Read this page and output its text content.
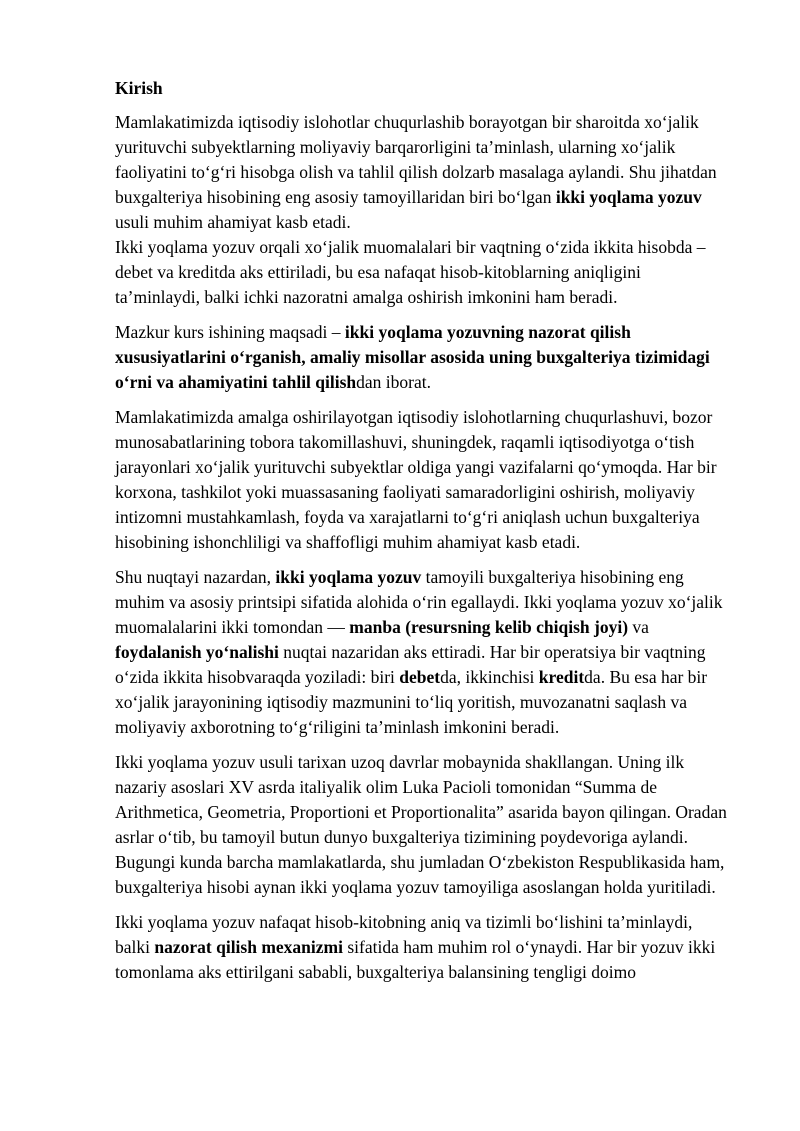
Kirish

Mamlakatimizda iqtisodiy islohotlar chuqurlashib borayotgan bir sharoitda xo‘jalik yurituvchi subyektlarning moliyaviy barqarorligini ta’minlash, ularning xo‘jalik faoliyatini to‘g‘ri hisobga olish va tahlil qilish dolzarb masalaga aylandi. Shu jihatdan buxgalteriya hisobining eng asosiy tamoyillaridan biri bo‘lgan ikki yoqlama yozuv usuli muhim ahamiyat kasb etadi.
Ikki yoqlama yozuv orqali xo‘jalik muomalalari bir vaqtning o‘zida ikkita hisobda – debet va kreditda aks ettiriladi, bu esa nafaqat hisob-kitoblarning aniqligini ta’minlaydi, balki ichki nazoratni amalga oshirish imkonini ham beradi.

Mazkur kurs ishining maqsadi – ikki yoqlama yozuvning nazorat qilish xususiyatlarini o‘rganish, amaliy misollar asosida uning buxgalteriya tizimidagi o‘rni va ahamiyatini tahlil qilishdan iborat.

Mamlakatimizda amalga oshirilayotgan iqtisodiy islohotlarning chuqurlashuvi, bozor munosabatlarining tobora takomillashuvi, shuningdek, raqamli iqtisodiyotga o‘tish jarayonlari xo‘jalik yurituvchi subyektlar oldiga yangi vazifalarni qo‘ymoqda. Har bir korxona, tashkilot yoki muassasaning faoliyati samaradorligini oshirish, moliyaviy intizomni mustahkamlash, foyda va xarajatlarni to‘g‘ri aniqlash uchun buxgalteriya hisobining ishonchliligi va shaffofligi muhim ahamiyat kasb etadi.

Shu nuqtayi nazardan, ikki yoqlama yozuv tamoyili buxgalteriya hisobining eng muhim va asosiy printsipi sifatida alohida o‘rin egallaydi. Ikki yoqlama yozuv xo‘jalik muomalalarini ikki tomondan — manba (resursning kelib chiqish joyi) va foydalanish yo‘nalishi nuqtai nazaridan aks ettiradi. Har bir operatsiya bir vaqtning o‘zida ikkita hisobvaraqda yoziladi: biri debetda, ikkinchisi kreditda. Bu esa har bir xo‘jalik jarayonining iqtisodiy mazmunini to‘liq yoritish, muvozanatni saqlash va moliyaviy axborotning to‘g‘riligini ta’minlash imkonini beradi.

Ikki yoqlama yozuv usuli tarixan uzoq davrlar mobaynida shakllangan. Uning ilk nazariy asoslari XV asrda italiyalik olim Luka Pacioli tomonidan “Summa de Arithmetica, Geometria, Proportioni et Proportionalita” asarida bayon qilingan. Oradan asrlar o‘tib, bu tamoyil butun dunyo buxgalteriya tizimining poydevoriga aylandi. Bugungi kunda barcha mamlakatlarda, shu jumladan O‘zbekiston Respublikasida ham, buxgalteriya hisobi aynan ikki yoqlama yozuv tamoyiliga asoslangan holda yuritiladi.

Ikki yoqlama yozuv nafaqat hisob-kitobning aniq va tizimli bo‘lishini ta’minlaydi, balki nazorat qilish mexanizmi sifatida ham muhim rol o‘ynaydi. Har bir yozuv ikki tomonlama aks ettirilgani sababli, buxgalteriya balansining tengligi doimo
